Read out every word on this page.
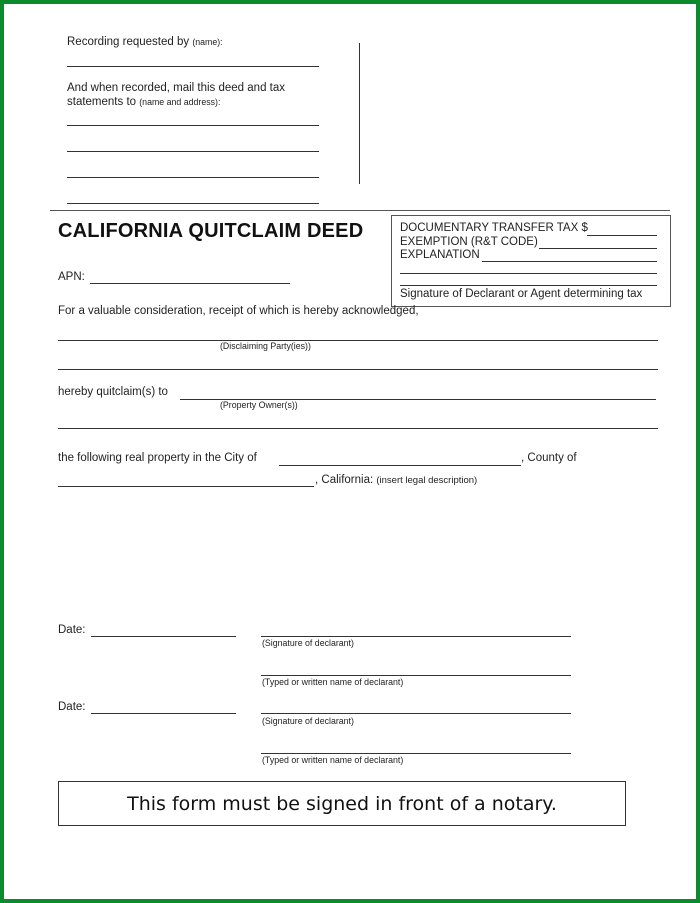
Recording requested by (name):
And when recorded, mail this deed and tax
statements to (name and address):
CALIFORNIA QUITCLAIM DEED
APN:
DOCUMENTARY TRANSFER TAX $
EXEMPTION (R&T CODE)
EXPLANATION
Signature of Declarant or Agent determining tax
For a valuable consideration, receipt of which is hereby acknowledged,
(Disclaiming Party(ies))
hereby quitclaim(s) to
(Property Owner(s))
the following real property in the City of	, County of
, California: (insert legal description)
Date:
(Signature of declarant)
(Typed or written name of declarant)
Date:
(Signature of declarant)
(Typed or written name of declarant)
This form must be signed in front of a notary.
